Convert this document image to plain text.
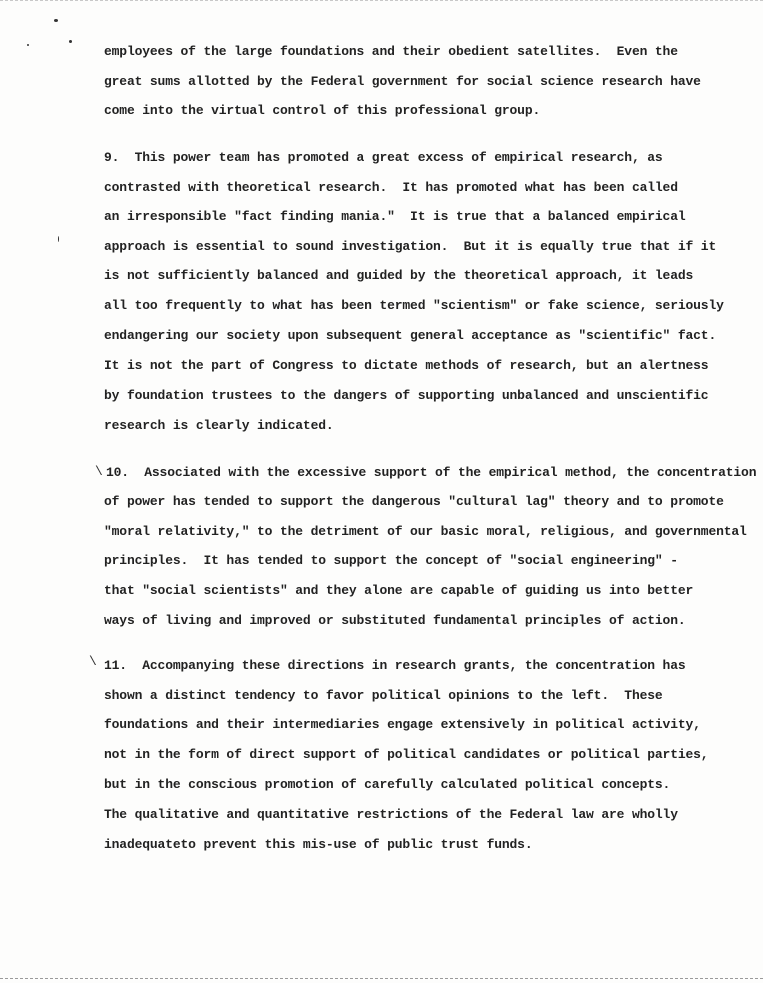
employees of the large foundations and their obedient satellites.  Even the
great sums allotted by the Federal government for social science research have
come into the virtual control of this professional group.
9.  This power team has promoted a great excess of empirical research, as
contrasted with theoretical research.  It has promoted what has been called
an irresponsible "fact finding mania."  It is true that a balanced empirical
approach is essential to sound investigation.  But it is equally true that if it
is not sufficiently balanced and guided by the theoretical approach, it leads
all too frequently to what has been termed "scientism" or fake science, seriously
endangering our society upon subsequent general acceptance as "scientific" fact.
It is not the part of Congress to dictate methods of research, but an alertness
by foundation trustees to the dangers of supporting unbalanced and unscientific
research is clearly indicated.
\ 10.  Associated with the excessive support of the empirical method, the concentration
of power has tended to support the dangerous "cultural lag" theory and to promote
"moral relativity," to the detriment of our basic moral, religious, and governmental
principles.  It has tended to support the concept of "social engineering" -
that "social scientists" and they alone are capable of guiding us into better
ways of living and improved or substituted fundamental principles of action.
\ 11.  Accompanying these directions in research grants, the concentration has
shown a distinct tendency to favor political opinions to the left.  These
foundations and their intermediaries engage extensively in political activity,
not in the form of direct support of political candidates or political parties,
but in the conscious promotion of carefully calculated political concepts.
The qualitative and quantitative restrictions of the Federal law are wholly
inadequateto prevent this mis-use of public trust funds.
